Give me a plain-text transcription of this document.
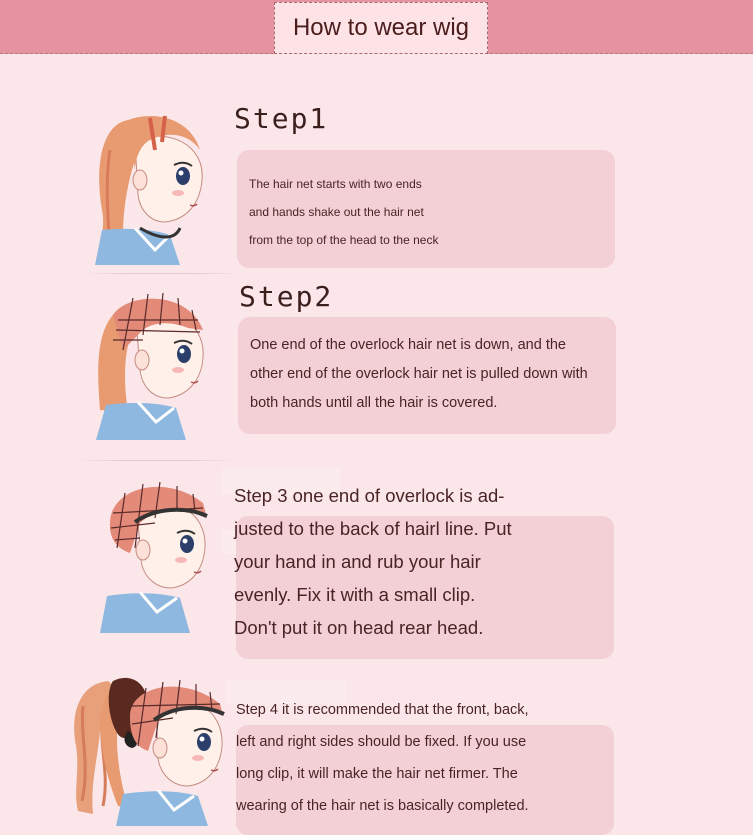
How to wear wig
Step1
The hair net starts with two ends
and hands shake out the hair net
from the top of the head to the neck
Step2
One end of the overlock hair net is down, and the
other end of the overlock hair net is pulled down with
both hands until all the hair is covered.
Step 3 one end of overlock is ad-
justed to the back of hairl line. Put
your hand in and rub your hair
evenly. Fix it with a small clip.
Don't put it on head rear head.
Step 4 it is recommended that the front, back,
left and right sides should be fixed. If you use
long clip, it will make the hair net firmer. The
wearing of the hair net is basically completed.
